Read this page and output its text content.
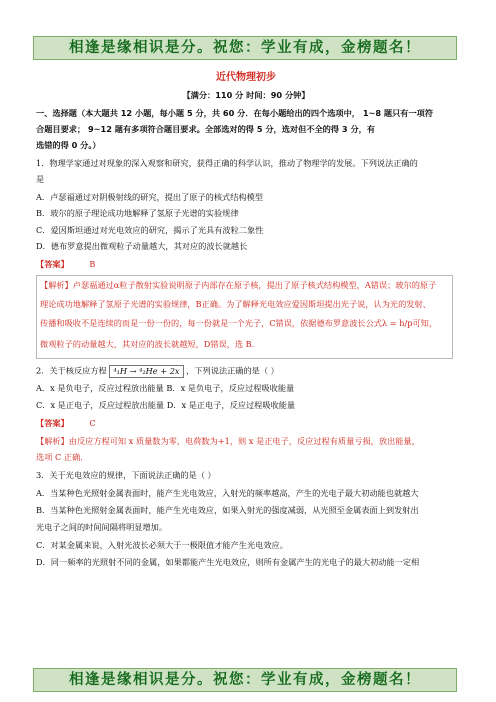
相逢是缘相识是分。祝您：学业有成，金榜题名！
近代物理初步
【满分：110 分 时间：90 分钟】
一、选择题（本大题共 12 小题，每小题 5 分，共 60 分．在每小题给出的四个选项中， 1~8 题只有一项符
合题目要求； 9~12 题有多项符合题目要求。全部选对的得 5 分，选对但不全的得 3 分，有
选错的得 0 分。）
1．物理学家通过对现象的深入观察和研究，获得正确的科学认识，推动了物理学的发展。下列说法正确的
是
A．卢瑟福通过对阴极射线的研究，提出了原子的核式结构模型
B．玻尔的原子理论成功地解释了氢原子光谱的实验规律
C．爱因斯坦通过对光电效应的研究，揭示了光具有波粒二象性
D．德布罗意提出微观粒子动量越大，其对应的波长就越长
【答案】	B
【解析】卢瑟福通过α粒子散射实验说明原子内部存在原子核，提出了原子核式结构模型，A错误；玻尔的原子
理论成功地解释了氢原子光谱的实验规律，B正确。为了解释光电效应爱因斯坦提出光子说，认为光的发射、
传播和吸收不是连续的而是一份一份的，每一份就是一个光子，C错误，依据德布罗意波长公式λ = h/p可知，
微观粒子的动量越大，其对应的波长就越短，D错误，选 B.
2．关于核反应方程 ⁴₁H → ⁴₂He + 2x ，下列说法正确的是（ ）
A．x 是负电子，反应过程放出能量 B．x 是负电子，反应过程吸收能量
C．x 是正电子，反应过程放出能量 D．x 是正电子，反应过程吸收能量
【答案】	C
【解析】由反应方程可知 x 质量数为零，电荷数为+1，则 x 是正电子，反应过程有质量亏损，放出能量，
选项 C 正确.
3．关于光电效应的规律，下面说法正确的是（ ）
A．当某种色光照射金属表面时，能产生光电效应，入射光的频率越高，产生的光电子最大初动能也就越大
B．当某种色光照射金属表面时，能产生光电效应，如果入射光的强度减弱，从光照至金属表面上到发射出
光电子之间的时间间隔将明显增加。
C．对某金属来说，入射光波长必须大于一极限值才能产生光电效应。
D．同一频率的光照射不同的金属，如果都能产生光电效应，则所有金属产生的光电子的最大初动能一定相
相逢是缘相识是分。祝您：学业有成，金榜题名！
